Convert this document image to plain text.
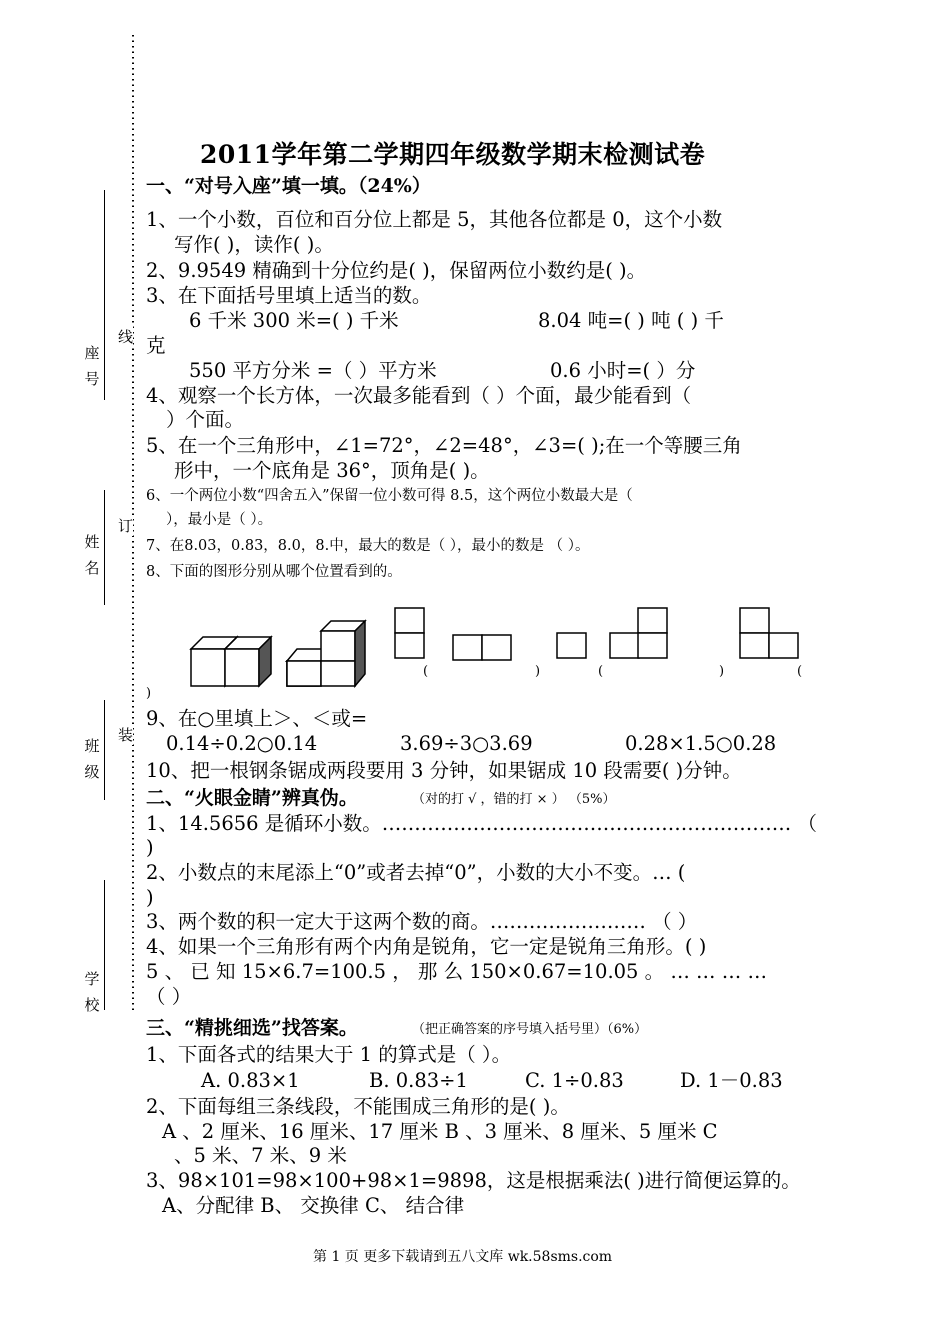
线
订
装
座号
姓名
班级
学校
2011学年第二学期四年级数学期末检测试卷
一、“对号入座”填一填。（24%）
1、一个小数，百位和百分位上都是 5，其他各位都是 0，这个小数
写作( )，读作( )。
2、9.9549 精确到十分位约是( )，保留两位小数约是( )。
3、在下面括号里填上适当的数。
6 千米 300 米=( ) 千米	8.04 吨=( ) 吨 ( ) 千
克
550 平方分米 =（ ）平方米	0.6 小时=( ）分
4、观察一个长方体，一次最多能看到（ ）个面，最少能看到（
）个面。
5、在一个三角形中，∠1=72°，∠2=48°，∠3=( );在一个等腰三角
形中，一个底角是 36°，顶角是( )。
6、一个两位小数“四舍五入”保留一位小数可得 8.5，这个两位小数最大是（
），最小是（ ）。
7、在8.03，0.83，8.0，8.中，最大的数是（ ），最小的数是 （ ）。
8、下面的图形分别从哪个位置看到的。
(	)	(	)	(
)
9、在○里填上＞、＜或=
0.14÷0.2○0.14	3.69÷3○3.69	0.28×1.5○0.28
10、把一根钢条锯成两段要用 3 分钟，如果锯成 10 段需要( )分钟。
二、“火眼金睛”辨真伪。	（对的打 √ ，错的打 × ） （5%）
1、14.5656 是循环小数。……………………………………………………… （
)
2、小数点的末尾添上“0”或者去掉“0”，小数的大小不变。… (
)
3、两个数的积一定大于这两个数的商。…………………… （ ）
4、如果一个三角形有两个内角是锐角，它一定是锐角三角形。( )
5 、 已 知 15×6.7=100.5 ， 那 么 150×0.67=10.05 。 … … … …
（ ）
三、“精挑细选”找答案。	（把正确答案的序号填入括号里）（6%）
1、下面各式的结果大于 1 的算式是（ ）。
A. 0.83×1	B. 0.83÷1	C. 1÷0.83	D. 1－0.83
2、下面每组三条线段，不能围成三角形的是( )。
A 、2 厘米、16 厘米、17 厘米 B 、3 厘米、8 厘米、5 厘米 C
、5 米、7 米、9 米
3、98×101=98×100+98×1=9898，这是根据乘法( )进行简便运算的。
A、分配律 B、 交换律 C、 结合律
第 1 页 更多下载请到五八文库 wk.58sms.com
